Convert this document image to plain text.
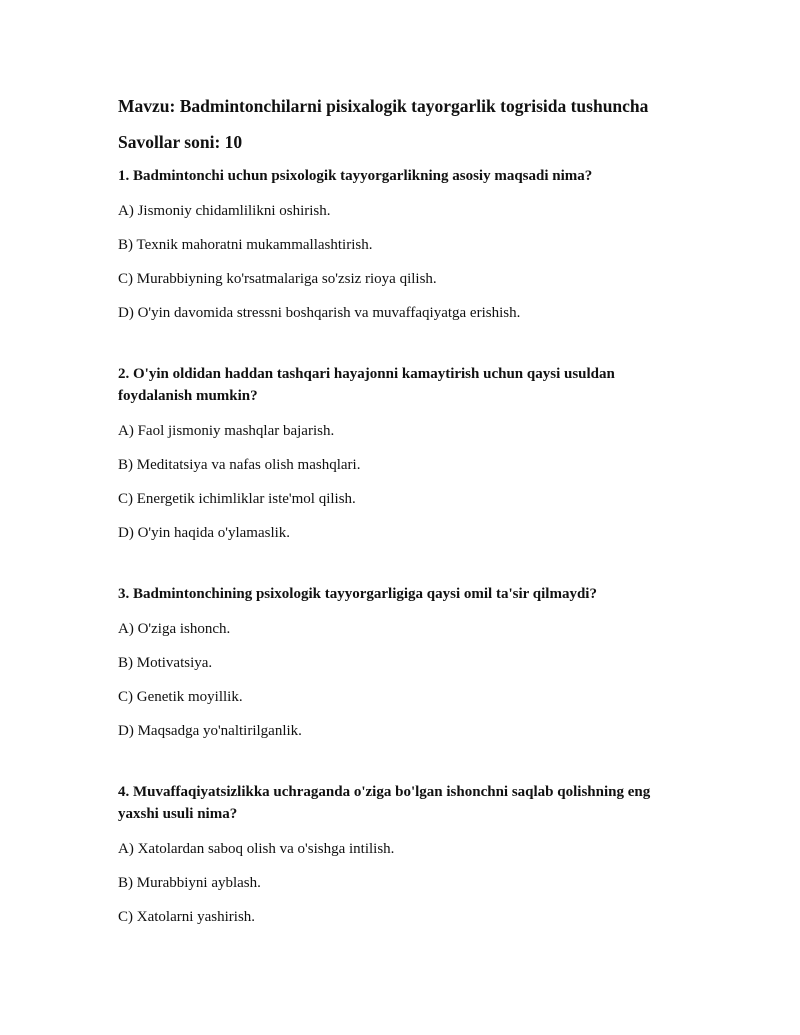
Mavzu: Badmintonchilarni pisixalogik tayorgarlik togrisida tushuncha
Savollar soni: 10

1. Badmintonchi uchun psixologik tayyorgarlikning asosiy maqsadi nima?

A) Jismoniy chidamlilikni oshirish.

B) Texnik mahoratni mukammallashtirish.

C) Murabbiyning ko'rsatmalariga so'zsiz rioya qilish.

D) O'yin davomida stressni boshqarish va muvaffaqiyatga erishish.

2. O'yin oldidan haddan tashqari hayajonni kamaytirish uchun qaysi usuldan foydalanish mumkin?

A) Faol jismoniy mashqlar bajarish.

B) Meditatsiya va nafas olish mashqlari.

C) Energetik ichimliklar iste'mol qilish.

D) O'yin haqida o'ylamaslik.

3. Badmintonchining psixologik tayyorgarligiga qaysi omil ta'sir qilmaydi?

A) O'ziga ishonch.

B) Motivatsiya.

C) Genetik moyillik.

D) Maqsadga yo'naltirilganlik.

4. Muvaffaqiyatsizlikka uchraganda o'ziga bo'lgan ishonchni saqlab qolishning eng yaxshi usuli nima?

A) Xatolardan saboq olish va o'sishga intilish.

B) Murabbiyni ayblash.

C) Xatolarni yashirish.
